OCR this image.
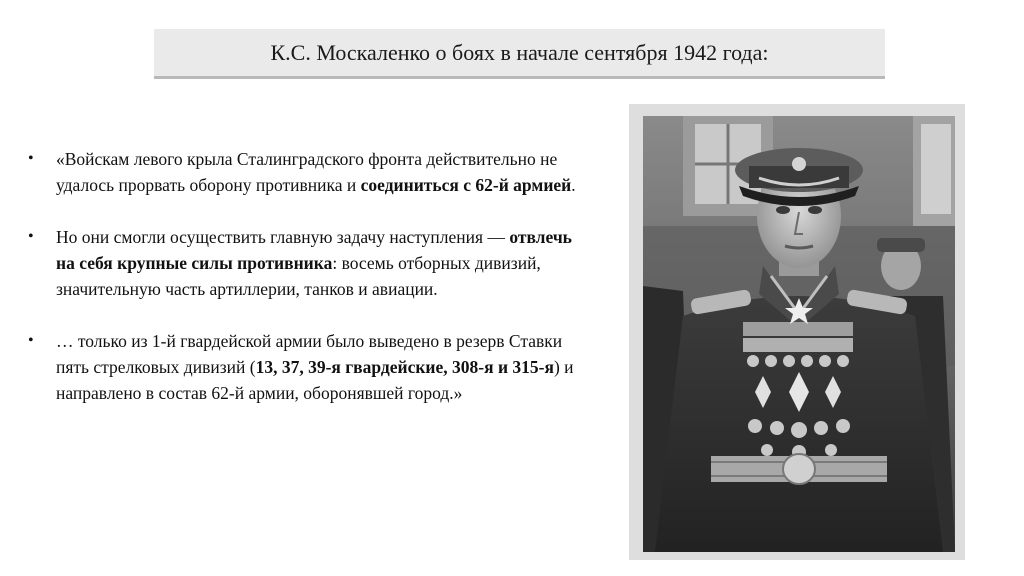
К.С. Москаленко о боях в начале сентября 1942 года:
• «Войскам левого крыла Сталинградского фронта действительно не удалось прорвать оборону противника и соединиться с 62-й армией.
• Но они смогли осуществить главную задачу наступления — отвлечь на себя крупные силы противника: восемь отборных дивизий, значительную часть артиллерии, танков и авиации.
• … только из 1-й гвардейской армии было выведено в резерв Ставки пять стрелковых дивизий (13, 37, 39-я гвардейские, 308-я и 315-я) и направлено в состав 62-й армии, оборонявшей город.»
